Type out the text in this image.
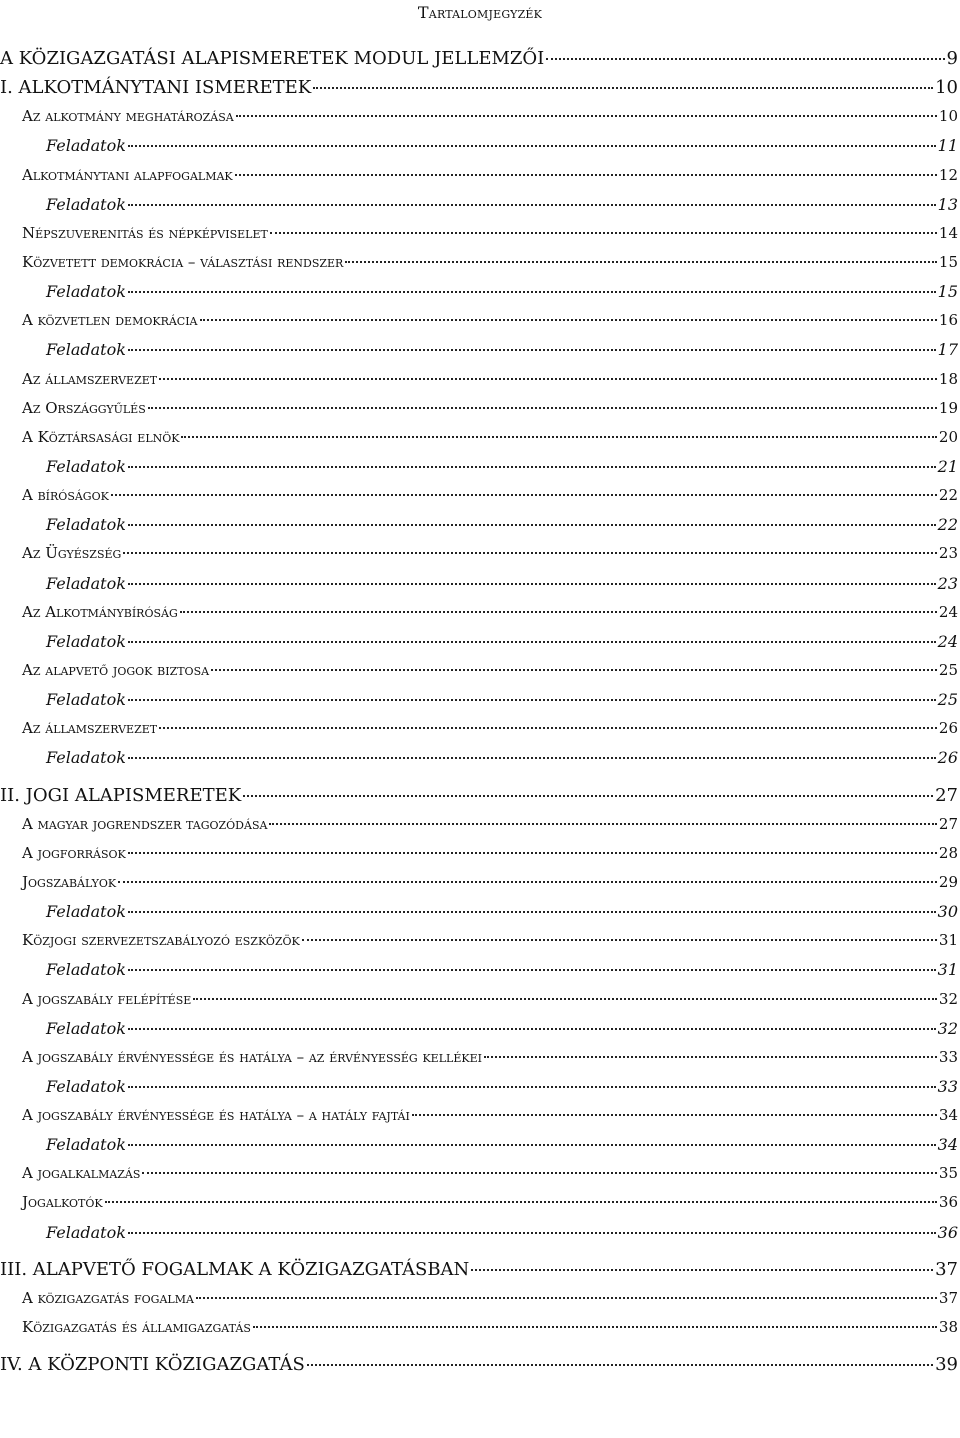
Tartalomjegyzék
A KÖZIGAZGATÁSI ALAPISMERETEK MODUL JELLEMZŐI	9
I. ALKOTMÁNYTANI ISMERETEK	10
Az alkotmány meghatározása	10
Feladatok	11
Alkotmánytani alapfogalmak	12
Feladatok	13
Népszuverenitás és népképviselet	14
Közvetett demokrácia – választási rendszer	15
Feladatok	15
A közvetlen demokrácia	16
Feladatok	17
Az államszervezet	18
Az Országgyűlés	19
A Köztársasági elnök	20
Feladatok	21
A bíróságok	22
Feladatok	22
Az Ügyészség	23
Feladatok	23
Az Alkotmánybíróság	24
Feladatok	24
Az alapvető jogok biztosa	25
Feladatok	25
Az államszervezet	26
Feladatok	26
II. JOGI ALAPISMERETEK	27
A magyar jogrendszer tagozódása	27
A jogforrások	28
Jogszabályok	29
Feladatok	30
Közjogi szervezetszabályozó eszközök	31
Feladatok	31
A jogszabály felépítése	32
Feladatok	32
A jogszabály érvényessége és hatálya – az érvényesség kellékei	33
Feladatok	33
A jogszabály érvényessége és hatálya – a hatály fajtái	34
Feladatok	34
A jogalkalmazás	35
Jogalkotók	36
Feladatok	36
III. ALAPVETŐ FOGALMAK A KÖZIGAZGATÁSBAN	37
A közigazgatás fogalma	37
Közigazgatás és államigazgatás	38
IV. A KÖZPONTI KÖZIGAZGATÁS	39
